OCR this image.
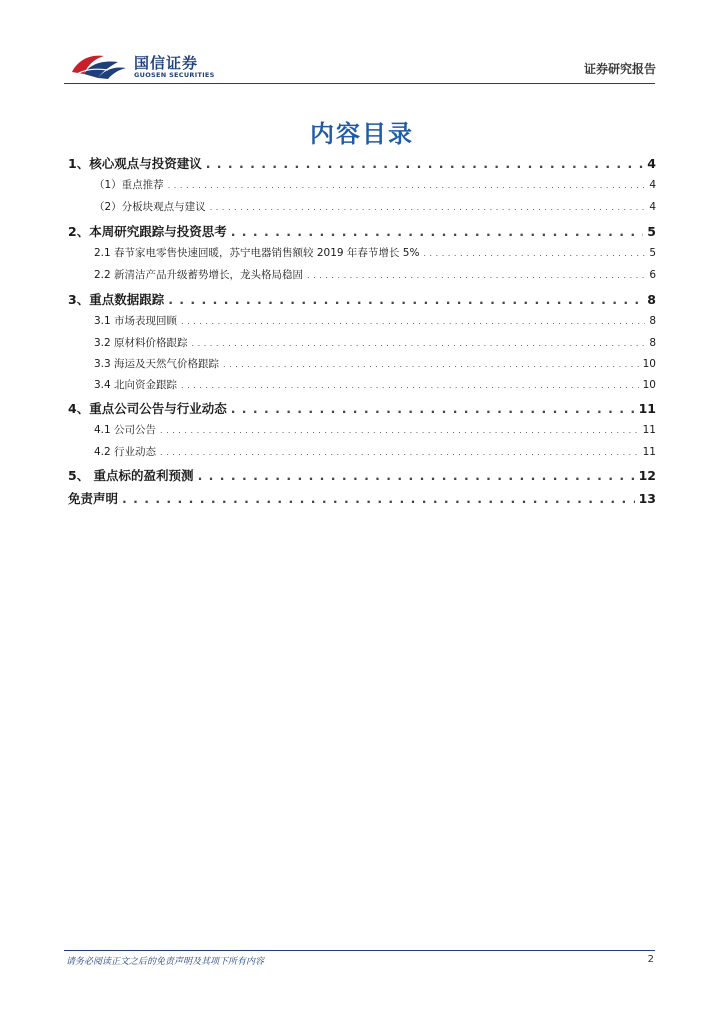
国信证券
GUOSEN SECURITIES	证券研究报告
内容目录
1、核心观点与投资建议 . . .	4
（1）重点推荐 . . .	4
（2）分板块观点与建议 . . .	4
2、本周研究跟踪与投资思考 . . .	5
2.1 春节家电零售快速回暖，苏宁电器销售额较 2019 年春节增长 5% . . .	5
2.2 新清洁产品升级蓄势增长，龙头格局稳固 . . .	6
3、重点数据跟踪 . . .	8
3.1 市场表现回顾 . . .	8
3.2 原材料价格跟踪 . . .	8
3.3 海运及天然气价格跟踪 . . .	10
3.4 北向资金跟踪 . . .	10
4、重点公司公告与行业动态 . . .	11
4.1 公司公告 . . .	11
4.2 行业动态 . . .	11
5、 重点标的盈利预测 . . .	12
免责声明 . . .	13
请务必阅读正文之后的免责声明及其项下所有内容	2
